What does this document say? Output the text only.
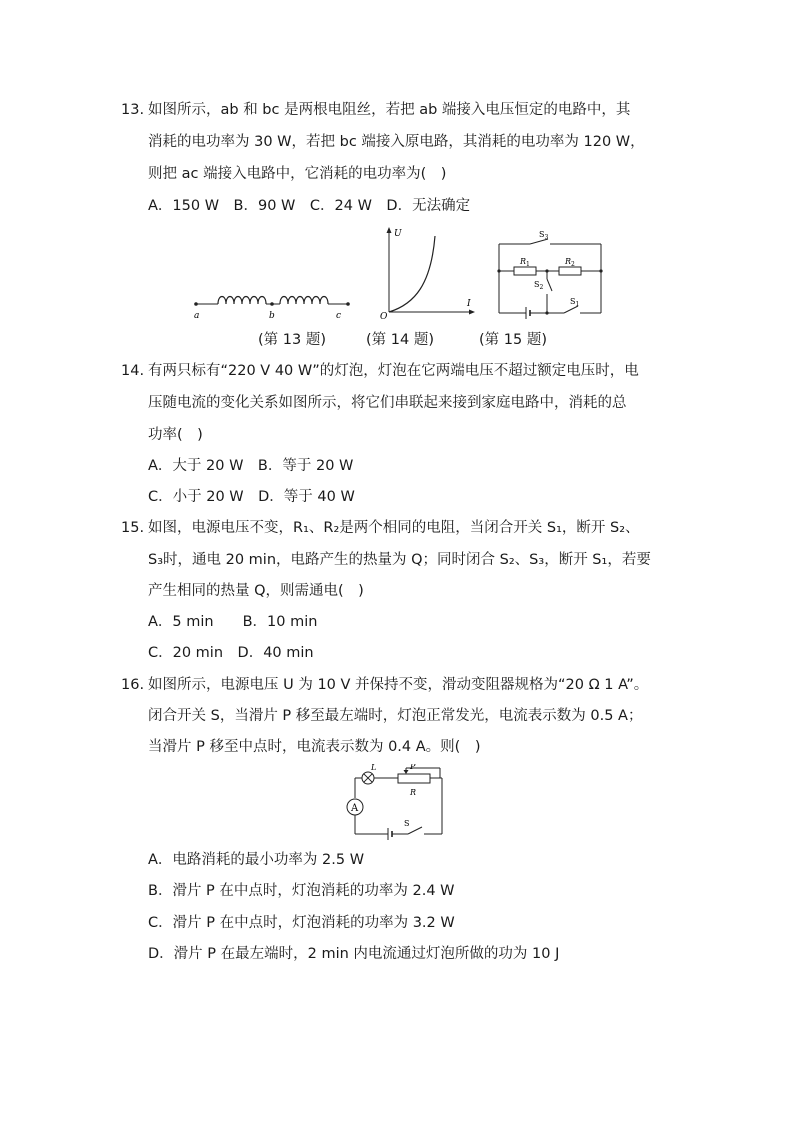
13. 如图所示，ab 和 bc 是两根电阻丝，若把 ab 端接入电压恒定的电路中，其
消耗的电功率为 30 W，若把 bc 端接入原电路，其消耗的电功率为 120 W，
则把 ac 端接入电路中，它消耗的电功率为(　)
A．150 W　B．90 W　C．24 W　D．无法确定
a	b	c
U
O
I
$S_3$
$R_1$	$R_2$
$S_2$
$S_1$
(第 13 题)	(第 14 题)	(第 15 题)
14. 有两只标有“220 V 40 W”的灯泡，灯泡在它两端电压不超过额定电压时，电
压随电流的变化关系如图所示，将它们串联起来接到家庭电路中，消耗的总
功率(　)
A．大于 20 W　B．等于 20 W
C．小于 20 W　D．等于 40 W
15. 如图，电源电压不变，R₁、R₂是两个相同的电阻，当闭合开关 S₁，断开 S₂、
S₃时，通电 20 min，电路产生的热量为 Q；同时闭合 S₂、S₃，断开 S₁，若要
产生相同的热量 Q，则需通电(　)
A．5 min　　B．10 min
C．20 min　D．40 min
16. 如图所示，电源电压 U 为 10 V 并保持不变，滑动变阻器规格为“20 Ω 1 A”。
闭合开关 S，当滑片 P 移至最左端时，灯泡正常发光，电流表示数为 0.5 A；
当滑片 P 移至中点时，电流表示数为 0.4 A。则(　)
A
L	P
R
S
A．电路消耗的最小功率为 2.5 W
B．滑片 P 在中点时，灯泡消耗的功率为 2.4 W
C．滑片 P 在中点时，灯泡消耗的功率为 3.2 W
D．滑片 P 在最左端时，2 min 内电流通过灯泡所做的功为 10 J
